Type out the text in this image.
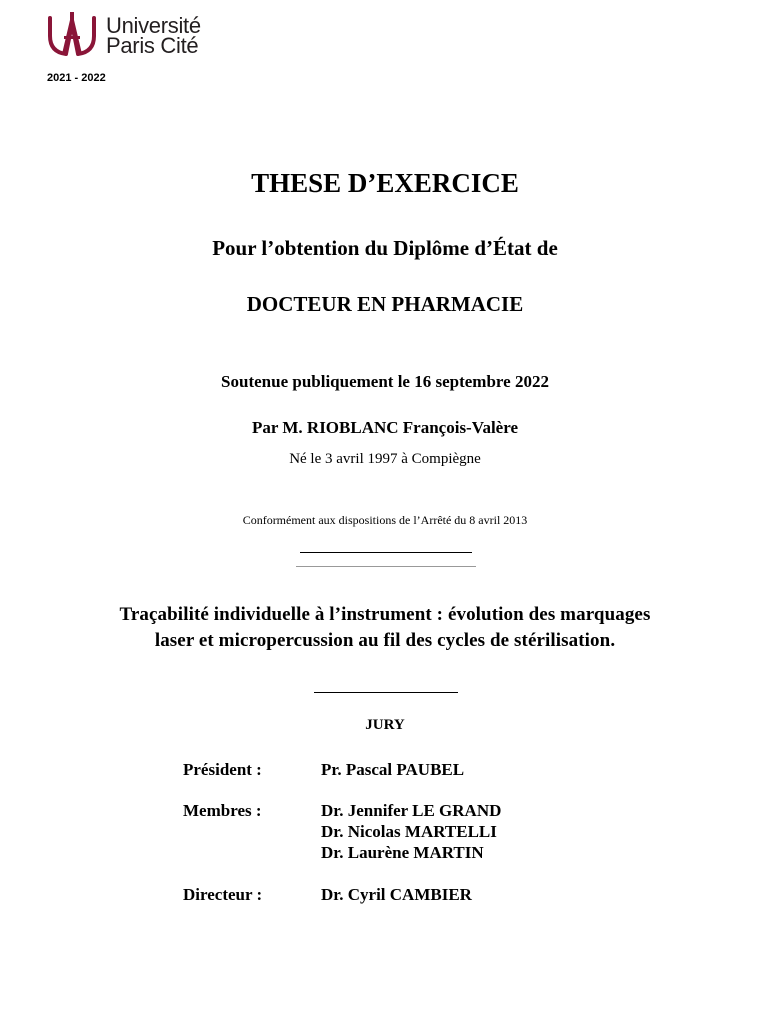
Université
Paris Cité
2021 - 2022
THESE D’EXERCICE

Pour l’obtention du Diplôme d’État de

DOCTEUR EN PHARMACIE

Soutenue publiquement le 16 septembre 2022

Par M. RIOBLANC François-Valère

Né le 3 avril 1997 à Compiègne

Conformément aux dispositions de l’Arrêté du 8 avril 2013

Traçabilité individuelle à l’instrument : évolution des marquages
laser et micropercussion au fil des cycles de stérilisation.

JURY

Président :	Pr. Pascal PAUBEL
Membres :	Dr. Jennifer LE GRAND
Dr. Nicolas MARTELLI
Dr. Laurène MARTIN
Directeur :	Dr. Cyril CAMBIER
